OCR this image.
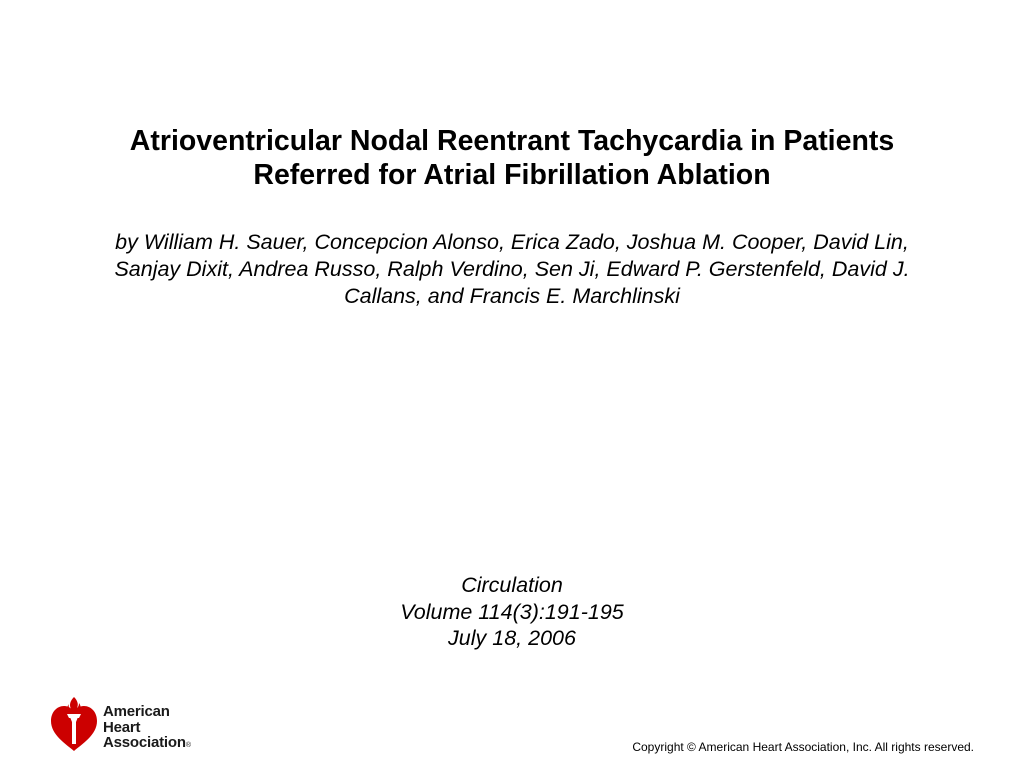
Atrioventricular Nodal Reentrant Tachycardia in Patients
Referred for Atrial Fibrillation Ablation

by William H. Sauer, Concepcion Alonso, Erica Zado, Joshua M. Cooper, David Lin,
Sanjay Dixit, Andrea Russo, Ralph Verdino, Sen Ji, Edward P. Gerstenfeld, David J.
Callans, and Francis E. Marchlinski

Circulation
Volume 114(3):191-195
July 18, 2006
American
Heart
Association®	Copyright © American Heart Association, Inc. All rights reserved.
